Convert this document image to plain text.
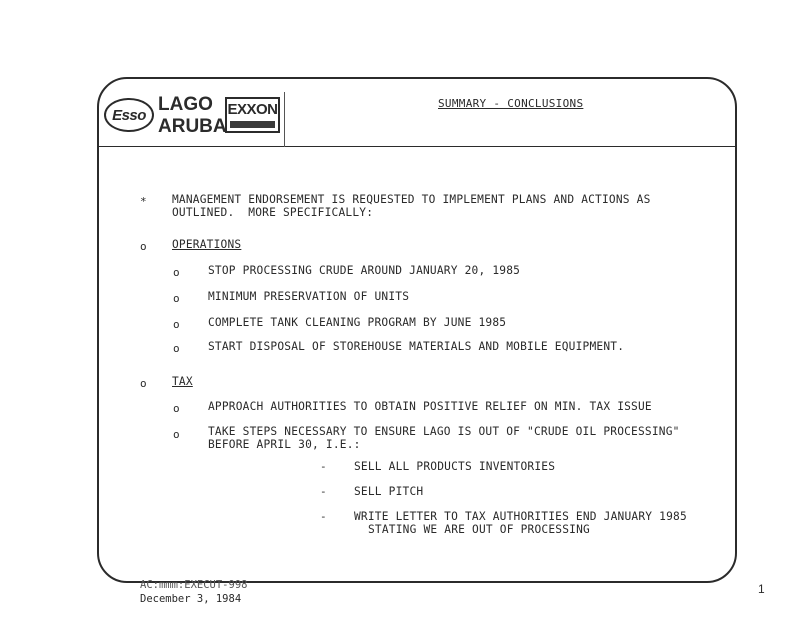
Esso LAGO
ARUBA
EXXON	SUMMARY - CONCLUSIONS
* MANAGEMENT ENDORSEMENT IS REQUESTED TO IMPLEMENT PLANS AND ACTIONS AS
OUTLINED.  MORE SPECIFICALLY:
o OPERATIONS
o	STOP PROCESSING CRUDE AROUND JANUARY 20, 1985
o	MINIMUM PRESERVATION OF UNITS
o	COMPLETE TANK CLEANING PROGRAM BY JUNE 1985
o	START DISPOSAL OF STOREHOUSE MATERIALS AND MOBILE EQUIPMENT.
o TAX
o	APPROACH AUTHORITIES TO OBTAIN POSITIVE RELIEF ON MIN. TAX ISSUE
o	TAKE STEPS NECESSARY TO ENSURE LAGO IS OUT OF "CRUDE OIL PROCESSING"
BEFORE APRIL 30, I.E.:
- SELL ALL PRODUCTS INVENTORIES
- SELL PITCH
- WRITE LETTER TO TAX AUTHORITIES END JANUARY 1985
STATING WE ARE OUT OF PROCESSING
AC:mmm:EXECUT-998
December 3, 1984
1
